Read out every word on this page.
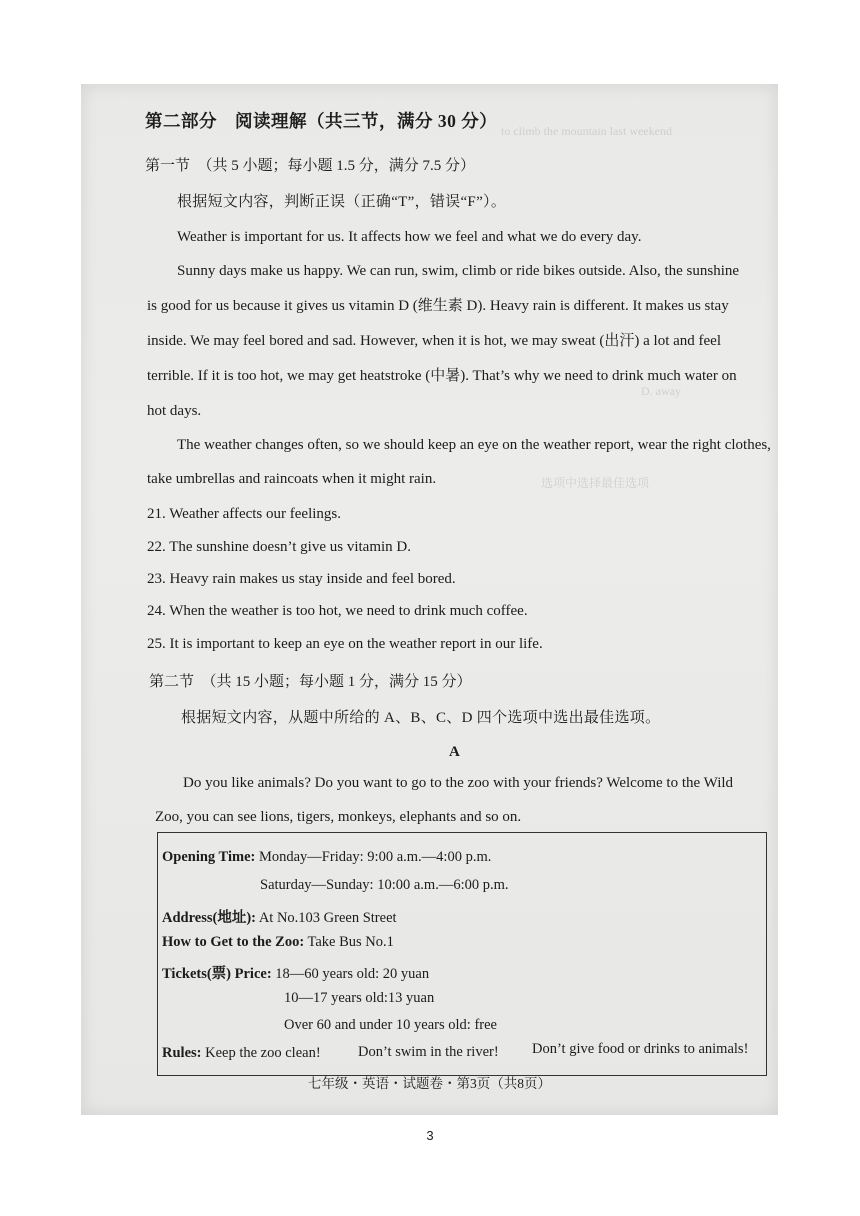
to climb the mountain last weekend
D. away
选项中选择最佳选项
第二部分　阅读理解（共三节，满分 30 分）
第一节　（共 5 小题；每小题 1.5 分，满分 7.5 分）
根据短文内容，判断正误（正确“T”，错误“F”）。
Weather is important for us. It affects how we feel and what we do every day.
Sunny days make us happy. We can run, swim, climb or ride bikes outside. Also, the sunshine
is good for us because it gives us vitamin D (维生素 D). Heavy rain is different. It makes us stay
inside. We may feel bored and sad. However, when it is hot, we may sweat (出汗) a lot and feel
terrible. If it is too hot, we may get heatstroke (中暑). That’s why we need to drink much water on
hot days.
The weather changes often, so we should keep an eye on the weather report, wear the right clothes,
take umbrellas and raincoats when it might rain.
21. Weather affects our feelings.
22. The sunshine doesn’t give us vitamin D.
23. Heavy rain makes us stay inside and feel bored.
24. When the weather is too hot, we need to drink much coffee.
25. It is important to keep an eye on the weather report in our life.
第二节　（共 15 小题；每小题 1 分，满分 15 分）
根据短文内容，从题中所给的 A、B、C、D 四个选项中选出最佳选项。
A
Do you like animals? Do you want to go to the zoo with your friends? Welcome to the Wild
Zoo, you can see lions, tigers, monkeys, elephants and so on.
Opening Time: Monday—Friday: 9:00 a.m.—4:00 p.m.
Saturday—Sunday: 10:00 a.m.—6:00 p.m.
Address(地址): At No.103 Green Street
How to Get to the Zoo: Take Bus No.1
Tickets(票) Price: 18—60 years old: 20 yuan
10—17 years old:13 yuan
Over 60 and under 10 years old: free
Rules: Keep the zoo clean!	Don’t swim in the river! Don’t give food or drinks to animals!
七年级・英语・试题卷・第3页（共8页）
3
